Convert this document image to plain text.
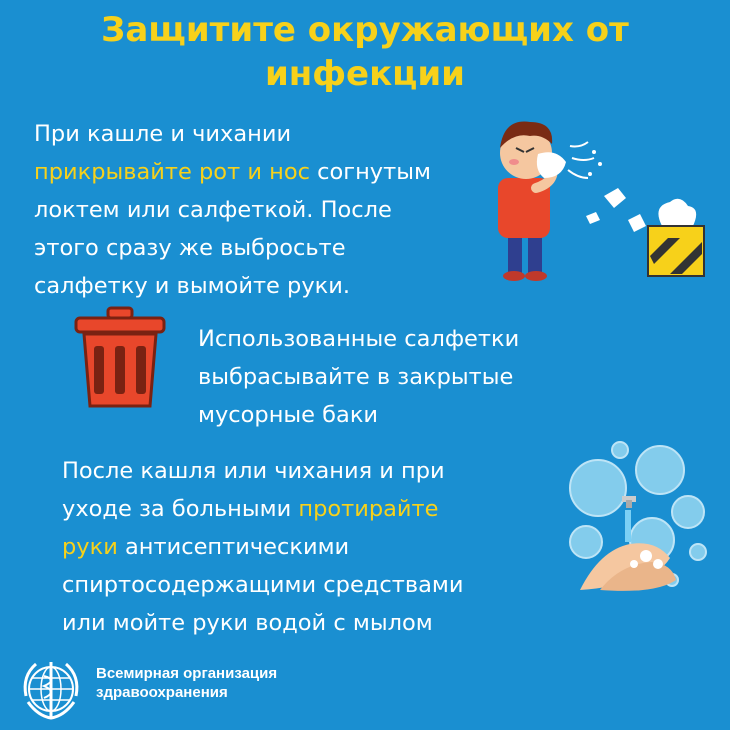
Защитите окружающих от
инфекции
При кашле и чихании
прикрывайте рот и нос согнутым
локтем или салфеткой. После
этого сразу же выбросьте
салфетку и вымойте руки.
Использованные салфетки
выбрасывайте в закрытые
мусорные баки
После кашля или чихания и при
уходе за больными протирайте
руки антисептическими
спиртосодержащими средствами
или мойте руки водой с мылом
Всемирная организация
здравоохранения
